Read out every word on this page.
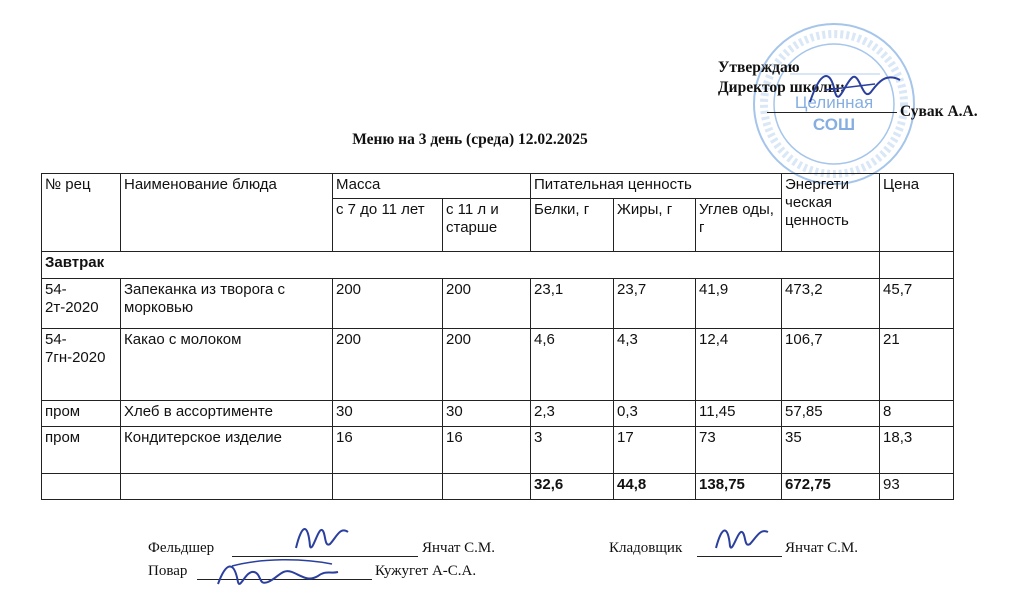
Целинная
СОШ
Утверждаю
Директор школы:
Сувак А.А.
Меню на 3 день (среда) 12.02.2025
№ рец	Наименование блюда	Масса		Питательная ценность			Энергети ческая ценность	Цена
		с 7 до 11 лет	с 11 л и старше	Белки, г	Жиры, г	Углев оды, г		
Завтрак								
54-2т-2020	Запеканка из творога с морковью	200	200	23,1	23,7	41,9	473,2	45,7
54-7гн-2020	Какао с молоком	200	200	4,6	4,3	12,4	106,7	21
пром	Хлеб в ассортименте	30	30	2,3	0,3	11,45	57,85	8
пром	Кондитерское изделие	16	16	3	17	73	35	18,3
				32,6	44,8	138,75	672,75	93
Фельдшер	Янчат С.М.	Кладовщик	Янчат С.М.
Повар	Кужугет А-С.А.
